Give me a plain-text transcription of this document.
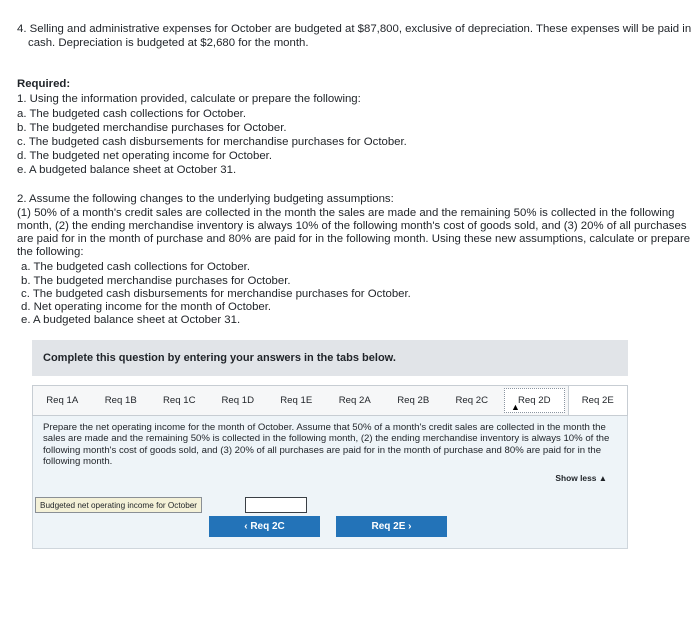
4. Selling and administrative expenses for October are budgeted at $87,800, exclusive of depreciation. These expenses will be paid in
cash. Depreciation is budgeted at $2,680 for the month.
Required:
1. Using the information provided, calculate or prepare the following:
a. The budgeted cash collections for October.
b. The budgeted merchandise purchases for October.
c. The budgeted cash disbursements for merchandise purchases for October.
d. The budgeted net operating income for October.
e. A budgeted balance sheet at October 31.
2. Assume the following changes to the underlying budgeting assumptions:
(1) 50% of a month's credit sales are collected in the month the sales are made and the remaining 50% is collected in the following
month, (2) the ending merchandise inventory is always 10% of the following month's cost of goods sold, and (3) 20% of all purchases
are paid for in the month of purchase and 80% are paid for in the following month. Using these new assumptions, calculate or prepare
the following:
a. The budgeted cash collections for October.
b. The budgeted merchandise purchases for October.
c. The budgeted cash disbursements for merchandise purchases for October.
d. Net operating income for the month of October.
e. A budgeted balance sheet at October 31.
Complete this question by entering your answers in the tabs below.
Req 1A	Req 1B	Req 1C	Req 1D	Req 1E	Req 2A	Req 2B	Req 2C	Req 2D
▲
Req 2E
Prepare the net operating income for the month of October. Assume that 50% of a month's credit sales are collected in the month the sales are made and the remaining 50% is collected in the following month, (2) the ending merchandise inventory is always 10% of the following month's cost of goods sold, and (3) 20% of all purchases are paid for in the month of purchase and 80% are paid for in the following month.
Show less ▲
Budgeted net operating income for October
‹ Req 2C	Req 2E ›
